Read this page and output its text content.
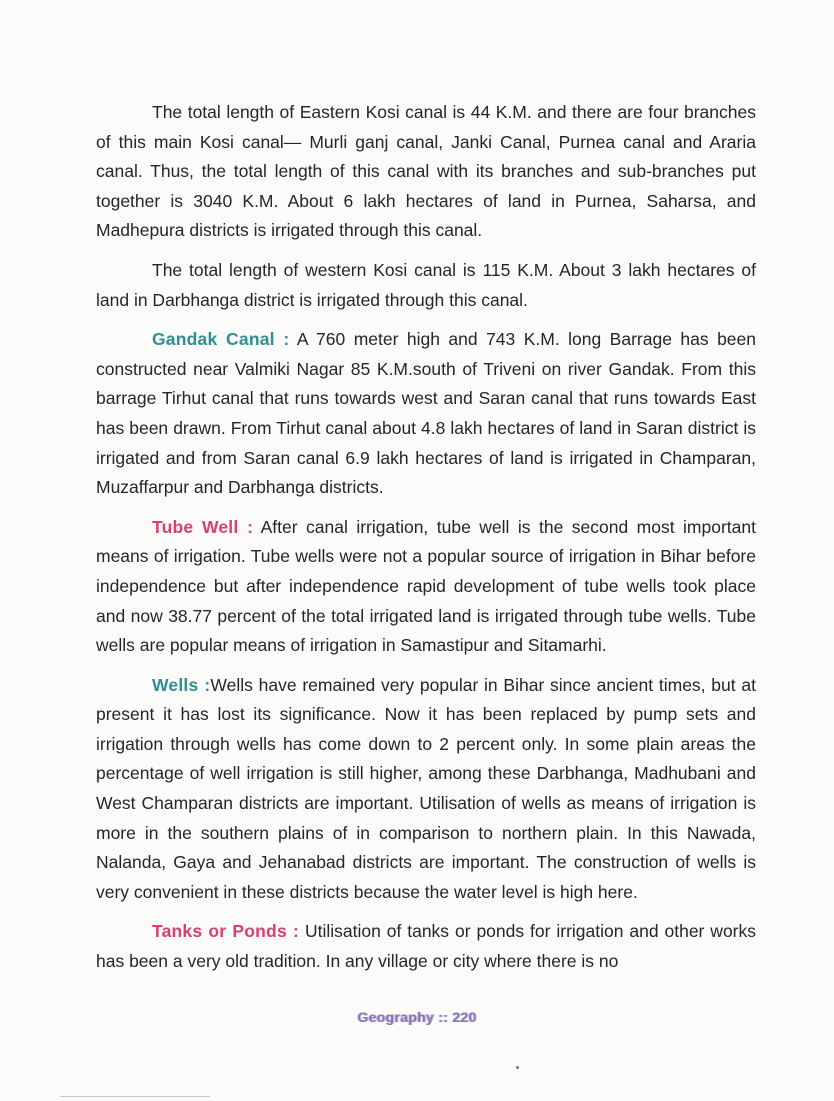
The total length of Eastern Kosi canal is 44 K.M. and there are four branches of this main Kosi canal— Murli ganj canal, Janki Canal, Purnea canal and Araria canal. Thus, the total length of this canal with its branches and sub-branches put together is 3040 K.M. About 6 lakh hectares of land in Purnea, Saharsa, and Madhepura districts is irrigated through this canal.

The total length of western Kosi canal is 115 K.M. About 3 lakh hectares of land in Darbhanga district is irrigated through this canal.

Gandak Canal : A 760 meter high and 743 K.M. long Barrage has been constructed near Valmiki Nagar 85 K.M.south of Triveni on river Gandak. From this barrage Tirhut canal that runs towards west and Saran canal that runs towards East has been drawn. From Tirhut canal about 4.8 lakh hectares of land in Saran district is irrigated and from Saran canal 6.9 lakh hectares of land is irrigated in Champaran, Muzaffarpur and Darbhanga districts.

Tube Well : After canal irrigation, tube well is the second most important means of irrigation. Tube wells were not a popular source of irrigation in Bihar before independence but after independence rapid development of tube wells took place and now 38.77 percent of the total irrigated land is irrigated through tube wells. Tube wells are popular means of irrigation in Samastipur and Sitamarhi.

Wells :Wells have remained very popular in Bihar since ancient times, but at present it has lost its significance. Now it has been replaced by pump sets and irrigation through wells has come down to 2 percent only. In some plain areas the percentage of well irrigation is still higher, among these Darbhanga, Madhubani and West Champaran districts are important. Utilisation of wells as means of irrigation is more in the southern plains of in comparison to northern plain. In this Nawada, Nalanda, Gaya and Jehanabad districts are important. The construction of wells is very convenient in these districts because the water level is high here.

Tanks or Ponds : Utilisation of tanks or ponds for irrigation and other works has been a very old tradition. In any village or city where there is no

Geography :: 220
